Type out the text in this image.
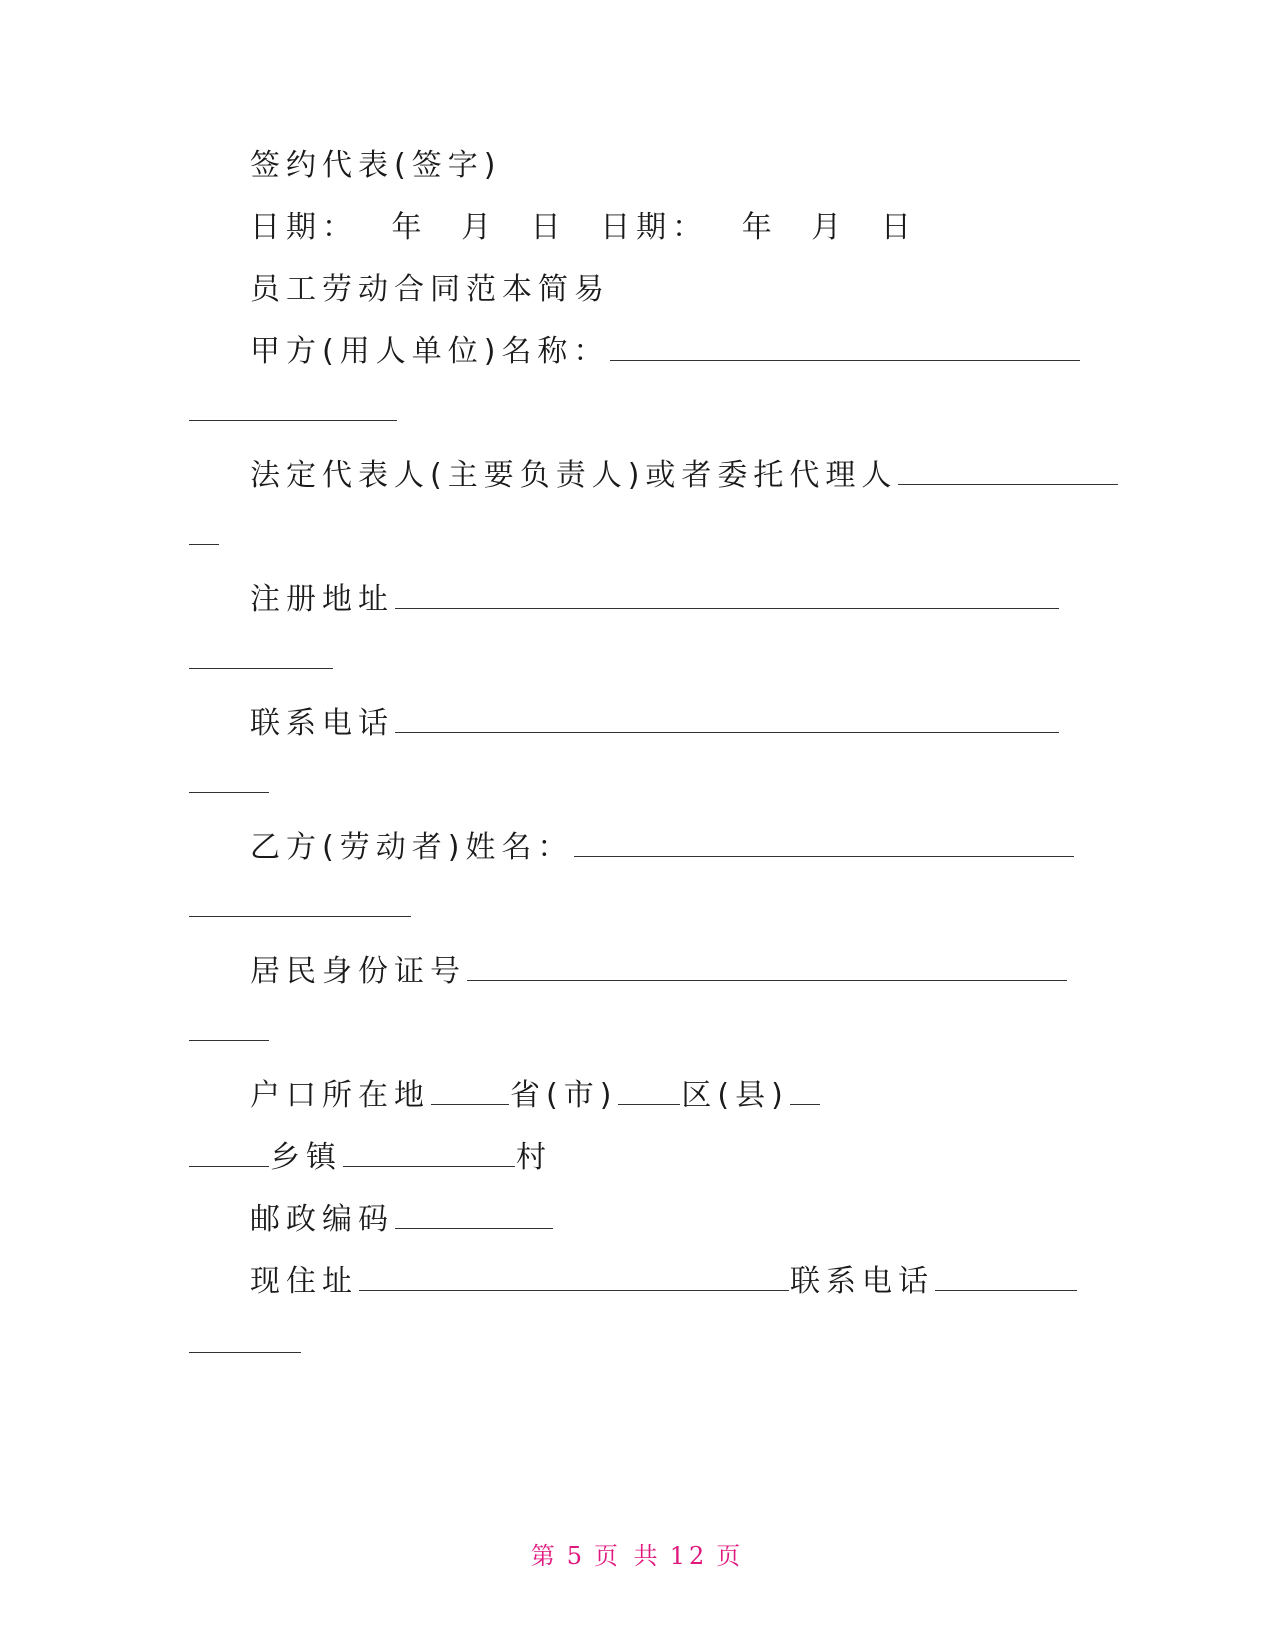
签约代表(签字)
日期： 年 月 日 日期： 年 月 日
员工劳动合同范本简易
甲方(用人单位)名称：
法定代表人(主要负责人)或者委托代理人
注册地址
联系电话
乙方(劳动者)姓名：
居民身份证号
户口所在地	省(市) 区(县)
乡镇	村
邮政编码
现住址	联系电话
第 5 页 共 12 页
